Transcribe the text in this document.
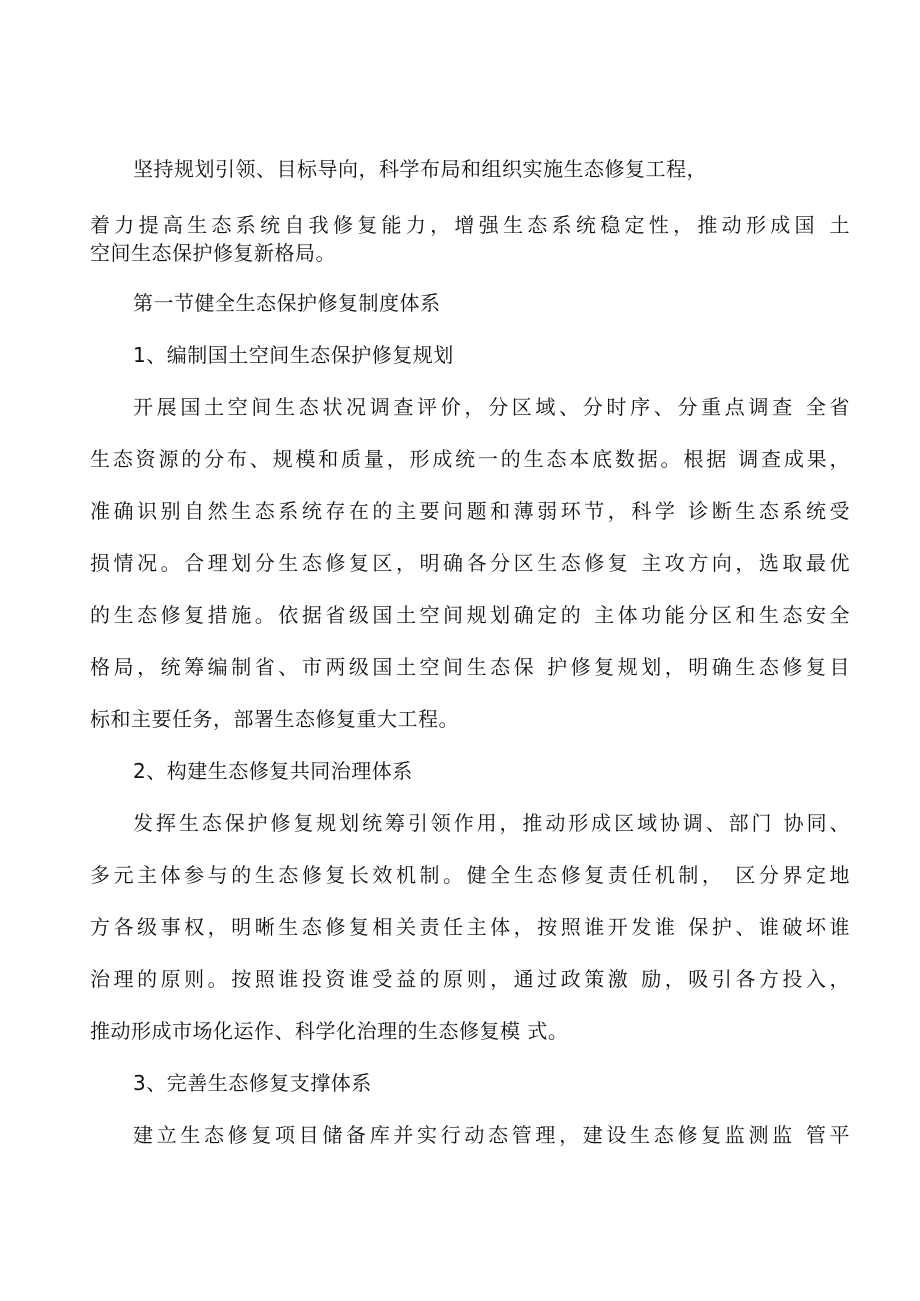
坚持规划引领、目标导向，科学布局和组织实施生态修复工程，
着力提高生态系统自我修复能力，增强生态系统稳定性，推动形成国 土
空间生态保护修复新格局。
第一节健全生态保护修复制度体系
1、编制国土空间生态保护修复规划
开展国土空间生态状况调查评价，分区域、分时序、分重点调查 全省
生态资源的分布、规模和质量，形成统一的生态本底数据。根据 调查成果，
准确识别自然生态系统存在的主要问题和薄弱环节，科学 诊断生态系统受
损情况。合理划分生态修复区，明确各分区生态修复 主攻方向，选取最优
的生态修复措施。依据省级国土空间规划确定的 主体功能分区和生态安全
格局，统筹编制省、市两级国土空间生态保 护修复规划，明确生态修复目
标和主要任务，部署生态修复重大工程。
2、构建生态修复共同治理体系
发挥生态保护修复规划统筹引领作用，推动形成区域协调、部门 协同、
多元主体参与的生态修复长效机制。健全生态修复责任机制， 区分界定地
方各级事权，明晰生态修复相关责任主体，按照谁开发谁 保护、谁破坏谁
治理的原则。按照谁投资谁受益的原则，通过政策激 励，吸引各方投入，
推动形成市场化运作、科学化治理的生态修复模 式。
3、完善生态修复支撑体系
建立生态修复项目储备库并实行动态管理，建设生态修复监测监 管平
